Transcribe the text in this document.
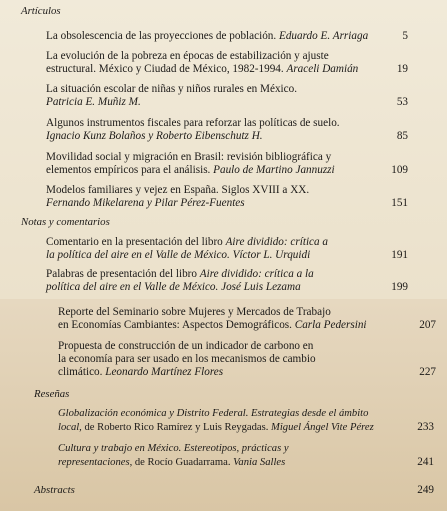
Artículos
La obsolescencia de las proyecciones de población. Eduardo E. Arriaga	5
La evolución de la pobreza en épocas de estabilización y ajuste
estructural. México y Ciudad de México, 1982-1994. Araceli Damián	19
La situación escolar de niñas y niños rurales en México.
Patricia E. Muñiz M.	53
Algunos instrumentos fiscales para reforzar las políticas de suelo.
Ignacio Kunz Bolaños y Roberto Eibenschutz H.	85
Movilidad social y migración en Brasil: revisión bibliográfica y
elementos empíricos para el análisis. Paulo de Martino Jannuzzi	109
Modelos familiares y vejez en España. Siglos XVIII a XX.
Fernando Mikelarena y Pilar Pérez-Fuentes	151
Notas y comentarios
Comentario en la presentación del libro Aire dividido: crítica a
la política del aire en el Valle de México. Víctor L. Urquidi	191
Palabras de presentación del libro Aire dividido: crítica a la
política del aire en el Valle de México. José Luis Lezama	199
Reporte del Seminario sobre Mujeres y Mercados de Trabajo
en Economías Cambiantes: Aspectos Demográficos. Carla Pedersini	207
Propuesta de construcción de un indicador de carbono en
la economía para ser usado en los mecanismos de cambio
climático. Leonardo Martínez Flores	227
Reseñas
Globalización económica y Distrito Federal. Estrategias desde el ámbito
local, de Roberto Rico Ramírez y Luis Reygadas. Miguel Ángel Vite Pérez	233
Cultura y trabajo en México. Estereotipos, prácticas y
representaciones, de Rocío Guadarrama. Vania Salles	241
Abstracts	249
